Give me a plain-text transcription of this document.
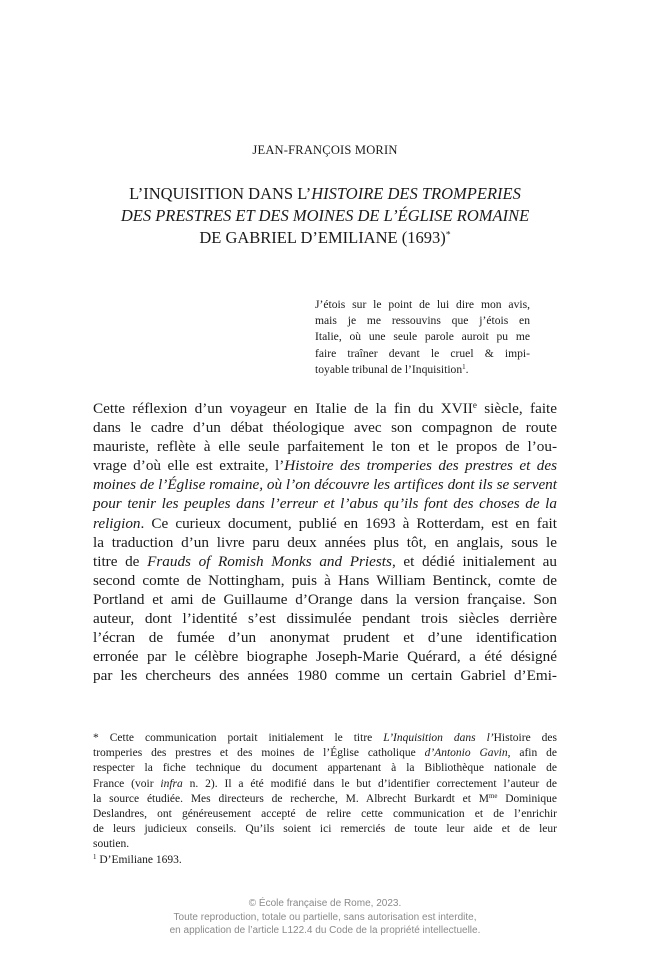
JEAN-FRANÇOIS MORIN
L’INQUISITION DANS L’HISTOIRE DES TROMPERIES
DES PRESTRES ET DES MOINES DE L’ÉGLISE ROMAINE
DE GABRIEL D’EMILIANE (1693)*
J’étois sur le point de lui dire mon avis,
mais je me ressouvins que j’étois en
Italie, où une seule parole auroit pu me
faire traîner devant le cruel & impi-
toyable tribunal de l’Inquisition$^1$.
Cette réflexion d’un voyageur en Italie de la fin du XVIIe siècle, faite
dans le cadre d’un débat théologique avec son compagnon de route
mauriste, reflète à elle seule parfaitement le ton et le propos de l’ou-
vrage d’où elle est extraite, l’Histoire des tromperies des prestres et des
moines de l’Église romaine, où l’on découvre les artifices dont ils se servent
pour tenir les peuples dans l’erreur et l’abus qu’ils font des choses de la
religion. Ce curieux document, publié en 1693 à Rotterdam, est en fait
la traduction d’un livre paru deux années plus tôt, en anglais, sous le
titre de Frauds of Romish Monks and Priests, et dédié initialement au
second comte de Nottingham, puis à Hans William Bentinck, comte de
Portland et ami de Guillaume d’Orange dans la version française. Son
auteur, dont l’identité s’est dissimulée pendant trois siècles derrière
l’écran de fumée d’un anonymat prudent et d’une identification
erronée par le célèbre biographe Joseph-Marie Quérard, a été désigné
par les chercheurs des années 1980 comme un certain Gabriel d’Emi-
* Cette communication portait initialement le titre L’Inquisition dans l’Histoire des
tromperies des prestres et des moines de l’Église catholique d’Antonio Gavin, afin de
respecter la fiche technique du document appartenant à la Bibliothèque nationale de
France (voir infra n. 2). Il a été modifié dans le but d’identifier correctement l’auteur de
la source étudiée. Mes directeurs de recherche, M. Albrecht Burkardt et $M^{me}$ Dominique
Deslandres, ont généreusement accepté de relire cette communication et de l’enrichir
de leurs judicieux conseils. Qu’ils soient ici remerciés de toute leur aide et de leur
soutien.
$^1$ D’Emiliane 1693.
© École française de Rome, 2023.
Toute reproduction, totale ou partielle, sans autorisation est interdite,
en application de l’article L122.4 du Code de la propriété intellectuelle.
